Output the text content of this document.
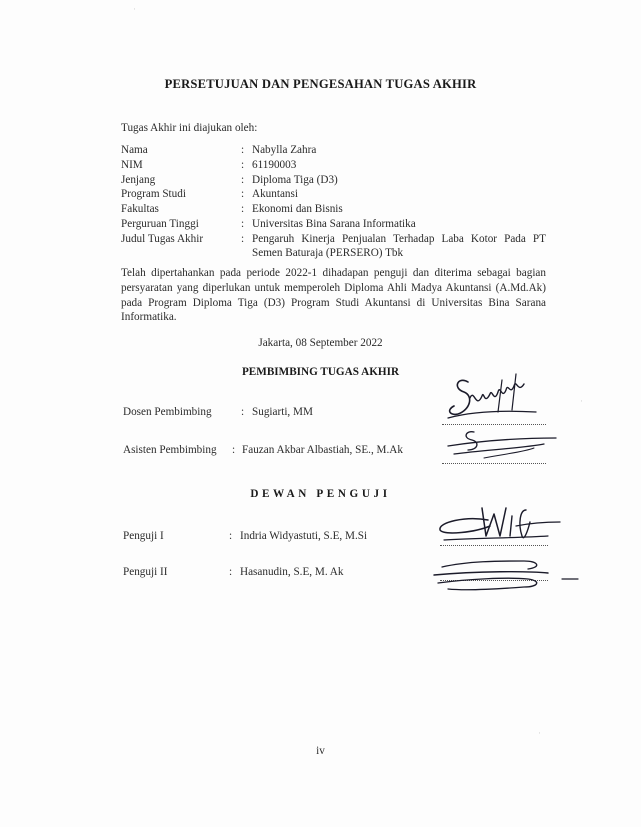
PERSETUJUAN DAN PENGESAHAN TUGAS AKHIR
Tugas Akhir ini diajukan oleh:
Nama	: Nabylla Zahra
NIM	: 61190003
Jenjang	: Diploma Tiga (D3)
Program Studi	: Akuntansi
Fakultas	: Ekonomi dan Bisnis
Perguruan Tinggi	: Universitas Bina Sarana Informatika
Judul Tugas Akhir	: Pengaruh Kinerja Penjualan Terhadap Laba Kotor Pada PT
Semen Baturaja (PERSERO) Tbk
Telah dipertahankan pada periode 2022-1 dihadapan penguji dan diterima sebagai bagian persyaratan yang diperlukan untuk memperoleh Diploma Ahli Madya Akuntansi (A.Md.Ak) pada Program Diploma Tiga (D3) Program Studi Akuntansi di Universitas Bina Sarana Informatika.
Jakarta, 08 September 2022
PEMBIMBING TUGAS AKHIR
Dosen Pembimbing	: Sugiarti, MM
Asisten Pembimbing : Fauzan Akbar Albastiah, SE., M.Ak
DEWAN PENGUJI
Penguji I	: Indria Widyastuti, S.E, M.Si
Penguji II	: Hasanudin, S.E, M. Ak
iv
·
·
·
